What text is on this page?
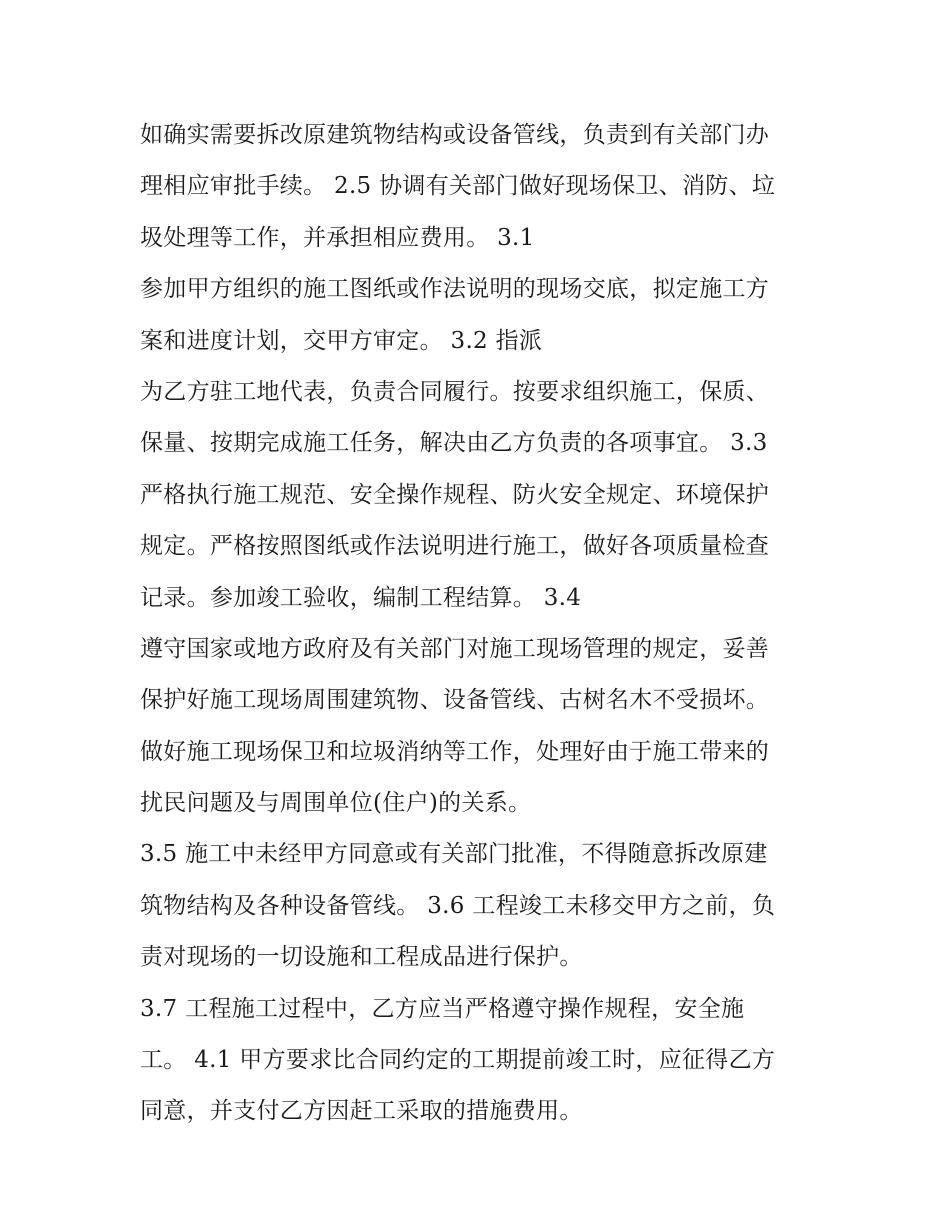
如确实需要拆改原建筑物结构或设备管线，负责到有关部门办
理相应审批手续。 2.5 协调有关部门做好现场保卫、消防、垃
圾处理等工作，并承担相应费用。 3.1
参加甲方组织的施工图纸或作法说明的现场交底，拟定施工方
案和进度计划，交甲方审定。 3.2 指派
为乙方驻工地代表，负责合同履行。按要求组织施工，保质、
保量、按期完成施工任务，解决由乙方负责的各项事宜。 3.3
严格执行施工规范、安全操作规程、防火安全规定、环境保护
规定。严格按照图纸或作法说明进行施工，做好各项质量检查
记录。参加竣工验收，编制工程结算。 3.4
遵守国家或地方政府及有关部门对施工现场管理的规定，妥善
保护好施工现场周围建筑物、设备管线、古树名木不受损坏。
做好施工现场保卫和垃圾消纳等工作，处理好由于施工带来的
扰民问题及与周围单位(住户)的关系。
3.5 施工中未经甲方同意或有关部门批准，不得随意拆改原建
筑物结构及各种设备管线。 3.6 工程竣工未移交甲方之前，负
责对现场的一切设施和工程成品进行保护。
3.7 工程施工过程中，乙方应当严格遵守操作规程，安全施
工。 4.1 甲方要求比合同约定的工期提前竣工时，应征得乙方
同意，并支付乙方因赶工采取的措施费用。
